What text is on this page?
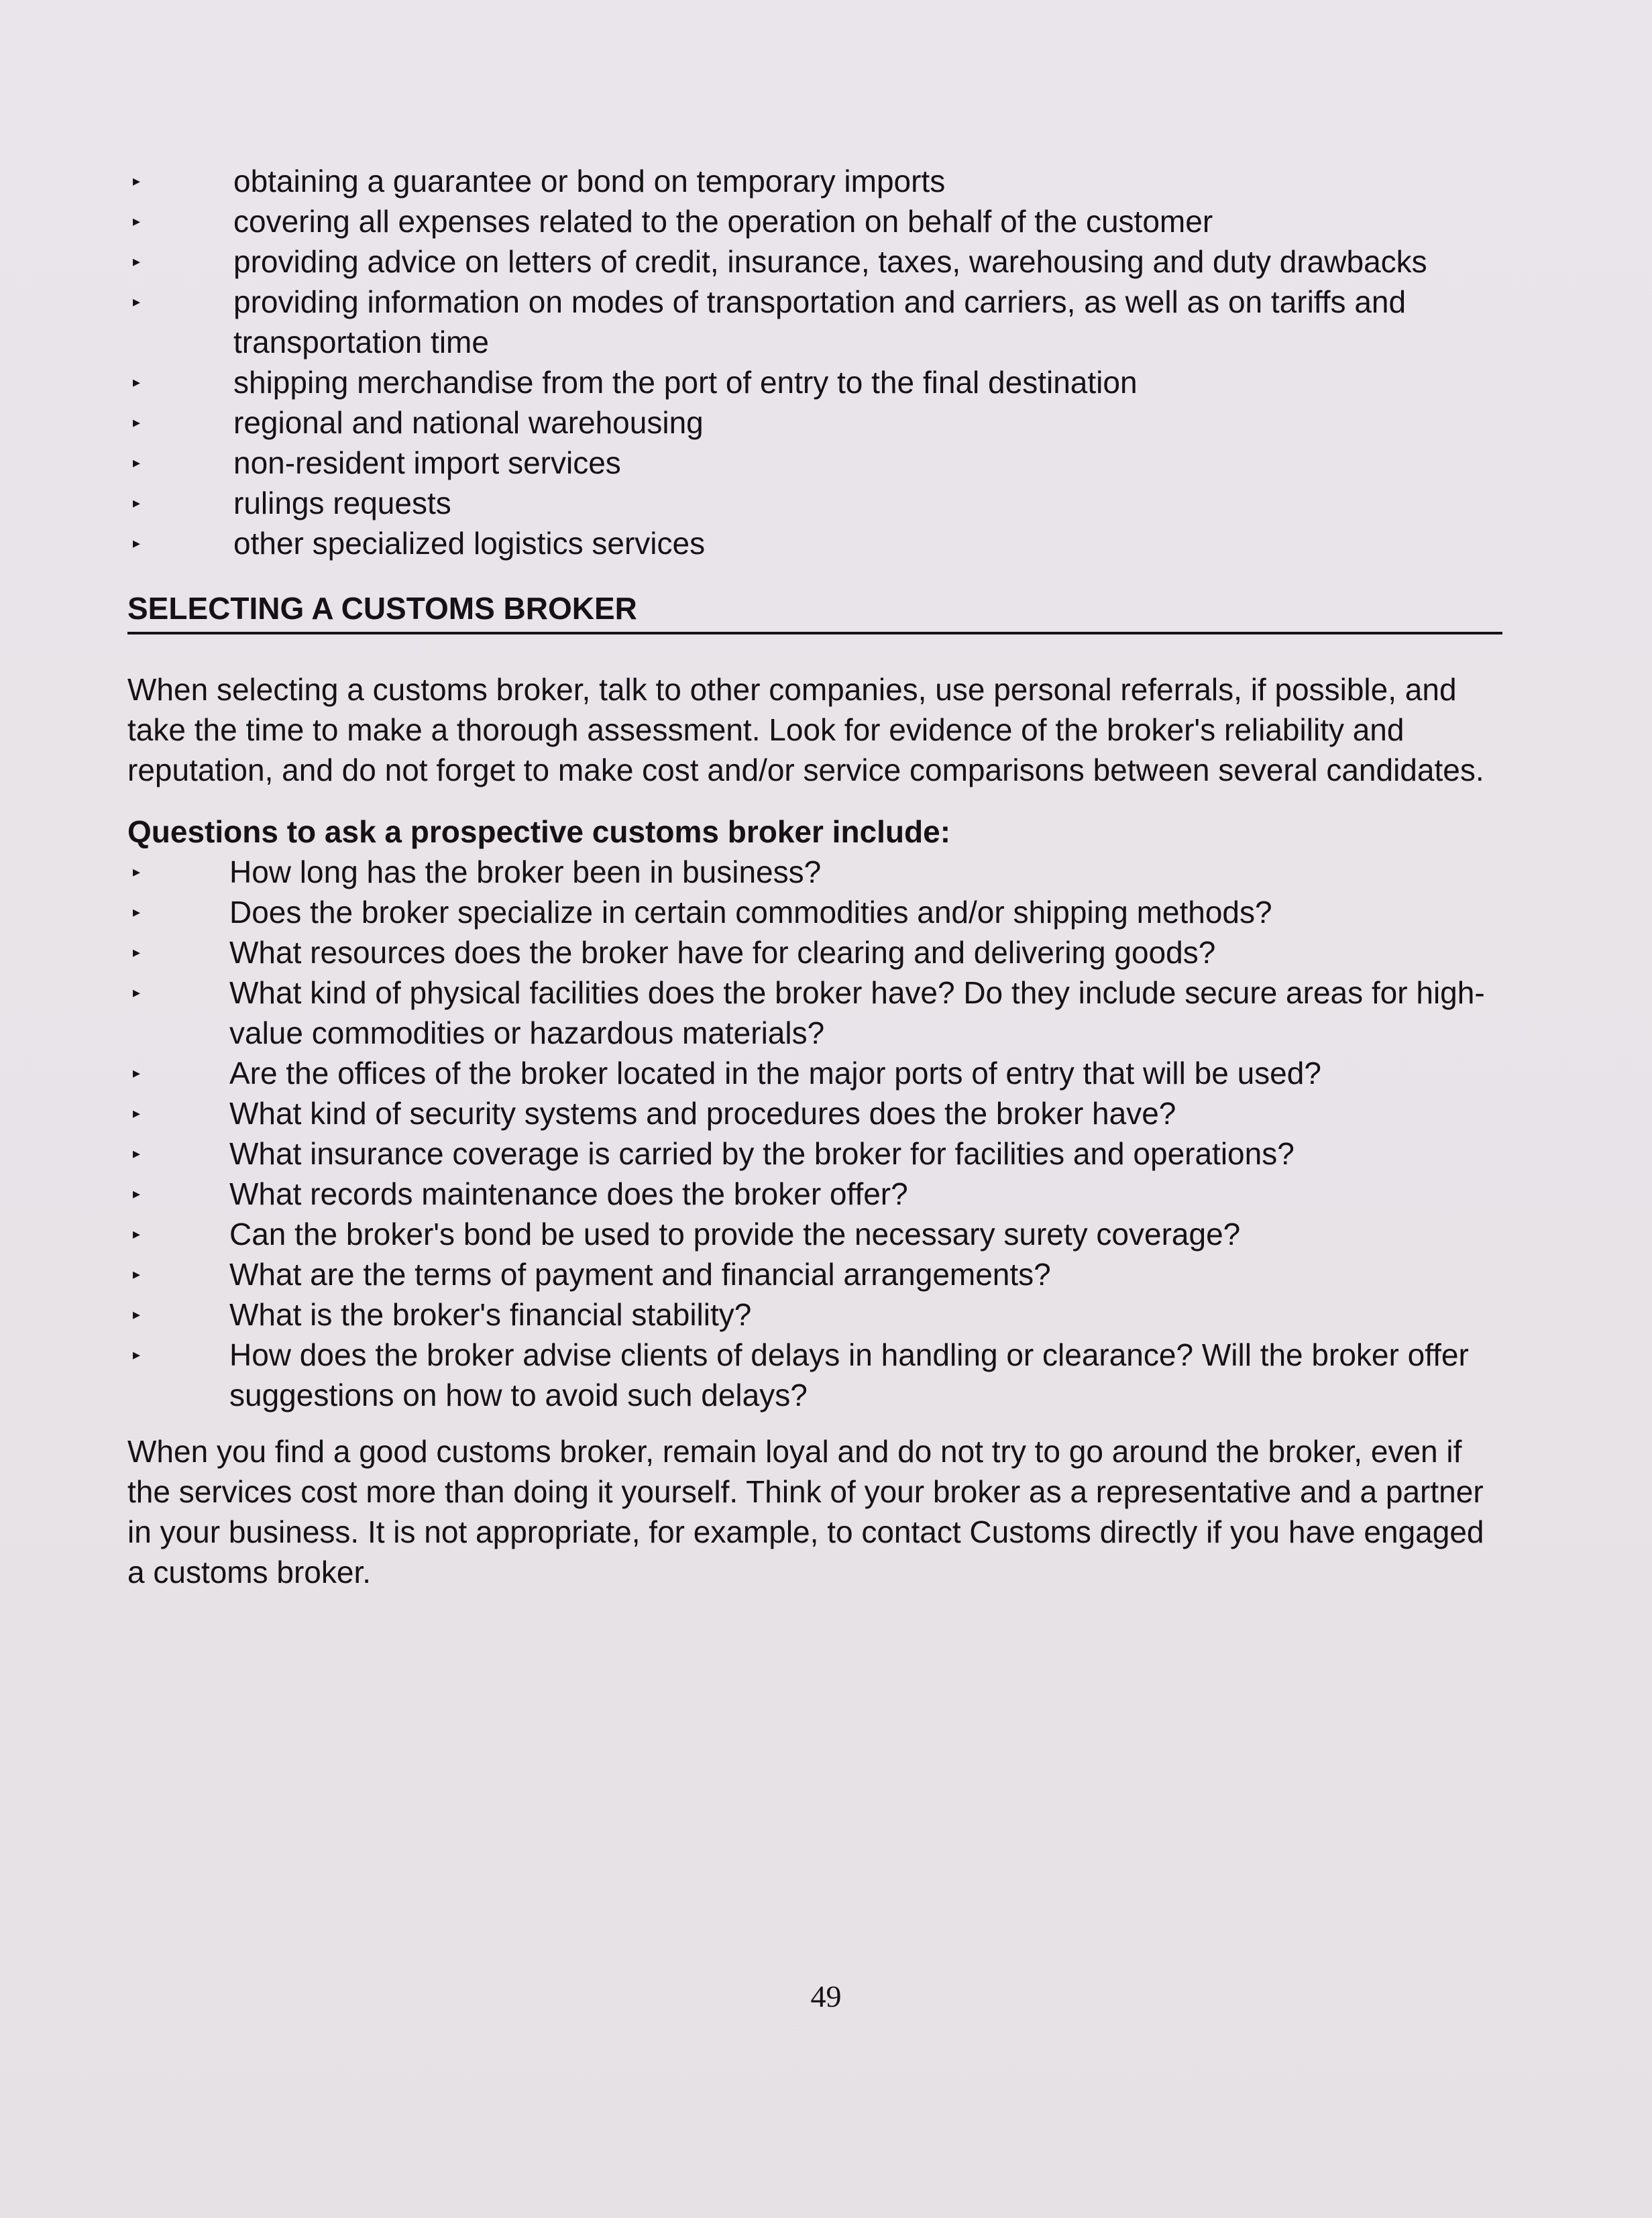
▸	obtaining a guarantee or bond on temporary imports
▸	covering all expenses related to the operation on behalf of the customer
▸	providing advice on letters of credit, insurance, taxes, warehousing and duty drawbacks
▸	providing information on modes of transportation and carriers, as well as on tariffs and transportation time
▸	shipping merchandise from the port of entry to the final destination
▸	regional and national warehousing
▸	non-resident import services
▸	rulings requests
▸	other specialized logistics services
SELECTING A CUSTOMS BROKER

When selecting a customs broker, talk to other companies, use personal referrals, if possible, and take the time to make a thorough assessment. Look for evidence of the broker's reliability and reputation, and do not forget to make cost and/or service comparisons between several candidates.

Questions to ask a prospective customs broker include:
▸	How long has the broker been in business?
▸	Does the broker specialize in certain commodities and/or shipping methods?
▸	What resources does the broker have for clearing and delivering goods?
▸	What kind of physical facilities does the broker have? Do they include secure areas for high-value commodities or hazardous materials?
▸	Are the offices of the broker located in the major ports of entry that will be used?
▸	What kind of security systems and procedures does the broker have?
▸	What insurance coverage is carried by the broker for facilities and operations?
▸	What records maintenance does the broker offer?
▸	Can the broker's bond be used to provide the necessary surety coverage?
▸	What are the terms of payment and financial arrangements?
▸	What is the broker's financial stability?
▸	How does the broker advise clients of delays in handling or clearance? Will the broker offer suggestions on how to avoid such delays?

When you find a good customs broker, remain loyal and do not try to go around the broker, even if the services cost more than doing it yourself. Think of your broker as a representative and a partner in your business. It is not appropriate, for example, to contact Customs directly if you have engaged a customs broker.

49
